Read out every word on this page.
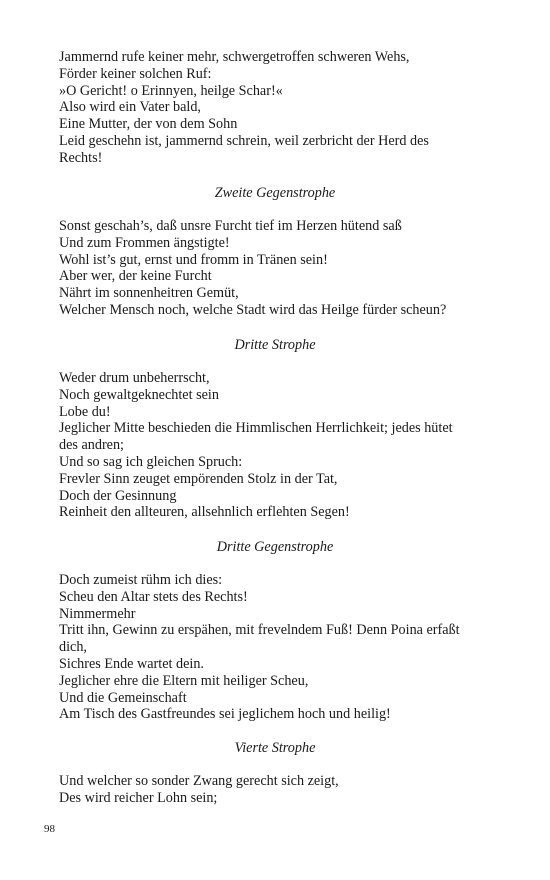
Jammernd rufe keiner mehr, schwergetroffen schweren Wehs,
Förder keiner solchen Ruf:
»O Gericht! o Erinnyen, heilge Schar!«
Also wird ein Vater bald,
Eine Mutter, der von dem Sohn
Leid geschehn ist, jammernd schrein, weil zerbricht der Herd des
Rechts!
Zweite Gegenstrophe
Sonst geschah’s, daß unsre Furcht tief im Herzen hütend saß
Und zum Frommen ängstigte!
Wohl ist’s gut, ernst und fromm in Tränen sein!
Aber wer, der keine Furcht
Nährt im sonnenheitren Gemüt,
Welcher Mensch noch, welche Stadt wird das Heilge fürder scheun?
Dritte Strophe
Weder drum unbeherrscht,
Noch gewaltgeknechtet sein
Lobe du!
Jeglicher Mitte beschieden die Himmlischen Herrlichkeit; jedes hütet
des andren;
Und so sag ich gleichen Spruch:
Frevler Sinn zeuget empörenden Stolz in der Tat,
Doch der Gesinnung
Reinheit den allteuren, allsehnlich erflehten Segen!
Dritte Gegenstrophe
Doch zumeist rühm ich dies:
Scheu den Altar stets des Rechts!
Nimmermehr
Tritt ihn, Gewinn zu erspähen, mit frevelndem Fuß! Denn Poina erfaßt
dich,
Sichres Ende wartet dein.
Jeglicher ehre die Eltern mit heiliger Scheu,
Und die Gemeinschaft
Am Tisch des Gastfreundes sei jeglichem hoch und heilig!
Vierte Strophe
Und welcher so sonder Zwang gerecht sich zeigt,
Des wird reicher Lohn sein;
98
